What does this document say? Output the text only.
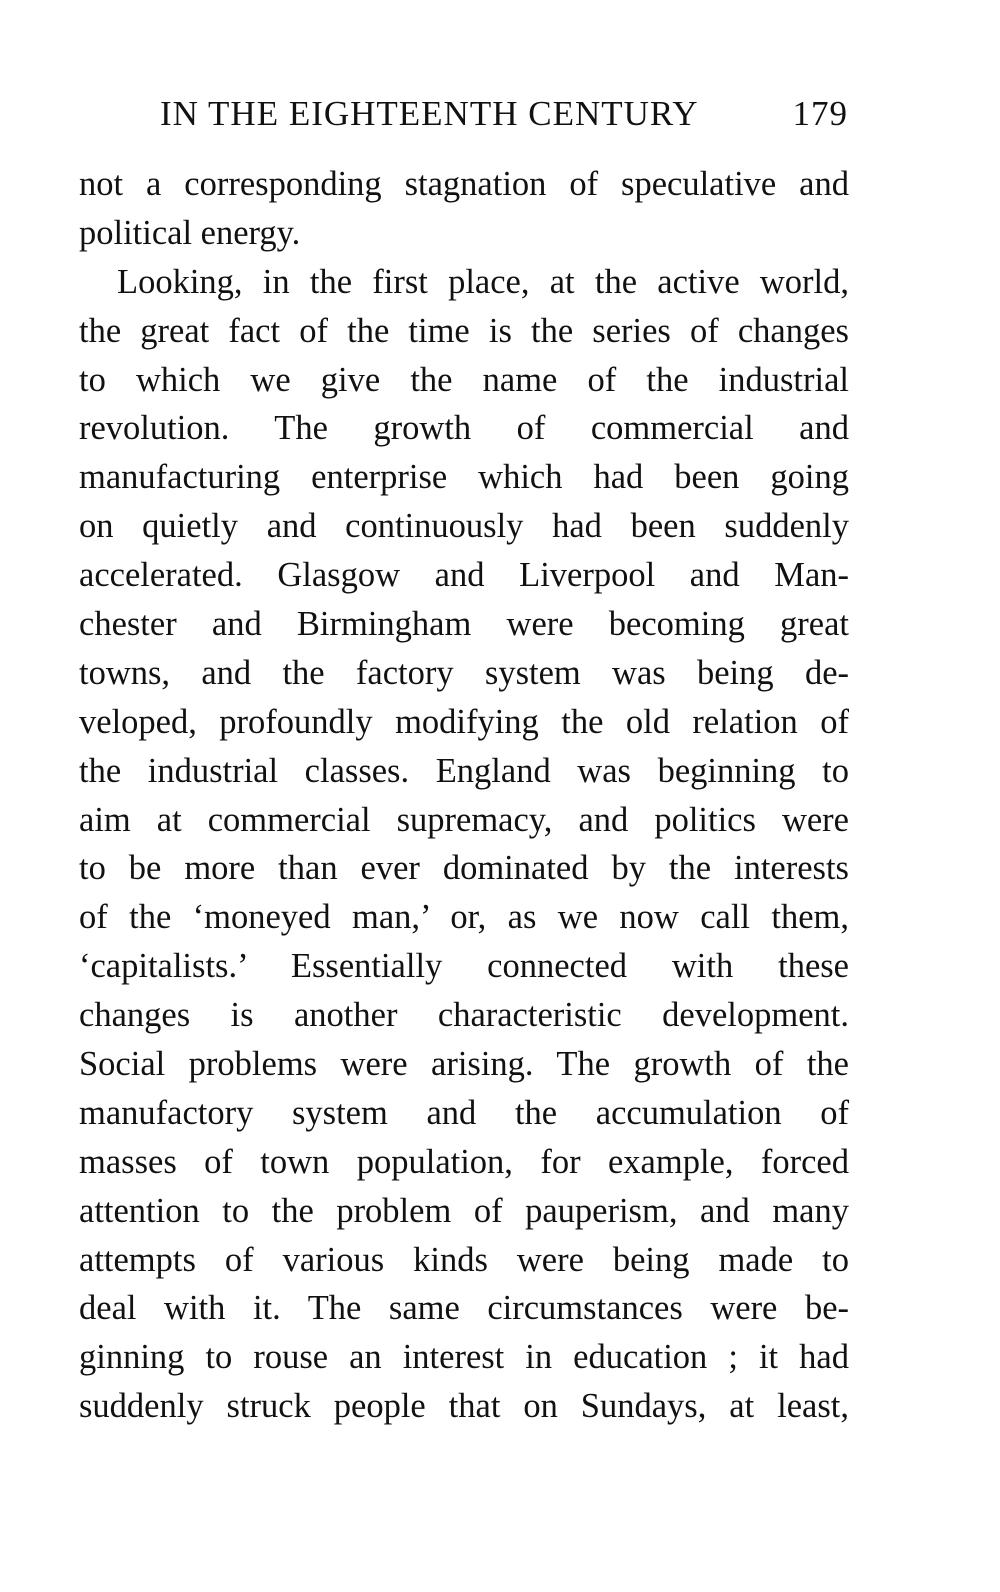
IN THE EIGHTEENTH CENTURY	179
not a corresponding stagnation of speculative and
political energy.
Looking, in the first place, at the active world,
the great fact of the time is the series of changes
to which we give the name of the industrial
revolution. The growth of commercial and
manufacturing enterprise which had been going
on quietly and continuously had been suddenly
accelerated. Glasgow and Liverpool and Man-
chester and Birmingham were becoming great
towns, and the factory system was being de-
veloped, profoundly modifying the old relation of
the industrial classes. England was beginning to
aim at commercial supremacy, and politics were
to be more than ever dominated by the interests
of the ‘moneyed man,’ or, as we now call them,
‘capitalists.’ Essentially connected with these
changes is another characteristic development.
Social problems were arising. The growth of the
manufactory system and the accumulation of
masses of town population, for example, forced
attention to the problem of pauperism, and many
attempts of various kinds were being made to
deal with it. The same circumstances were be-
ginning to rouse an interest in education ; it had
suddenly struck people that on Sundays, at least,
